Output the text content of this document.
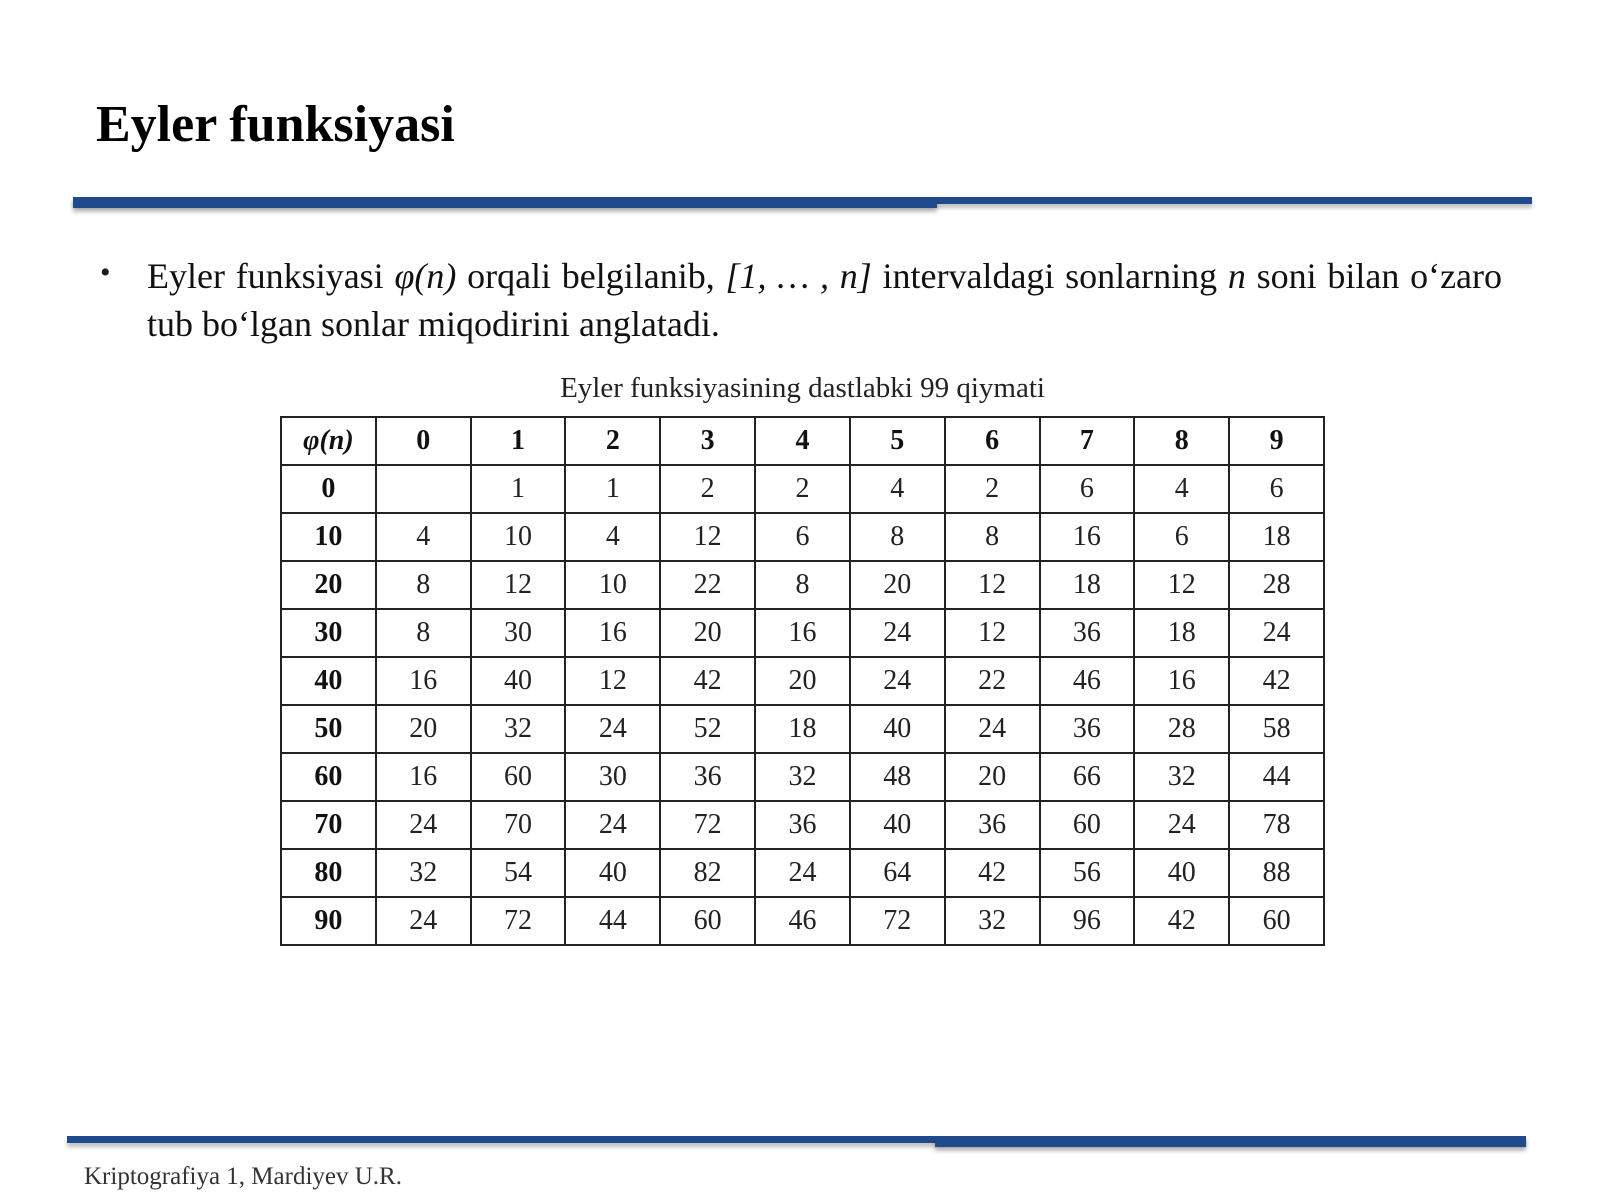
Eyler funksiyasi
• Eyler funksiyasi φ(n) orqali belgilanib, [1, … , n] intervaldagi sonlarning n soni bilan o‘zaro tub bo‘lgan sonlar miqodirini anglatadi.
Eyler funksiyasining dastlabki 99 qiymati
φ(n)	0	1	2	3	4	5	6	7	8	9
0		1	1	2	2	4	2	6	4	6
10	4	10	4	12	6	8	8	16	6	18
20	8	12	10	22	8	20	12	18	12	28
30	8	30	16	20	16	24	12	36	18	24
40	16	40	12	42	20	24	22	46	16	42
50	20	32	24	52	18	40	24	36	28	58
60	16	60	30	36	32	48	20	66	32	44
70	24	70	24	72	36	40	36	60	24	78
80	32	54	40	82	24	64	42	56	40	88
90	24	72	44	60	46	72	32	96	42	60
Kriptografiya 1, Mardiyev U.R.
